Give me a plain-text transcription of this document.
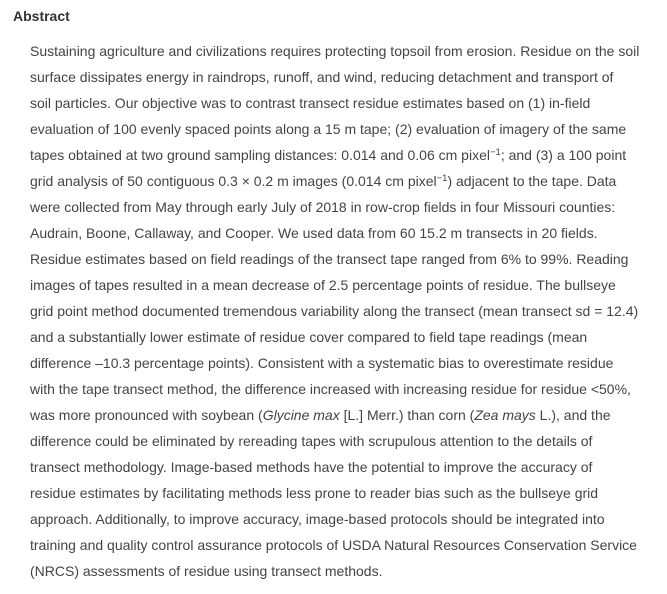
Abstract
Sustaining agriculture and civilizations requires protecting topsoil from erosion. Residue on the soil
surface dissipates energy in raindrops, runoff, and wind, reducing detachment and transport of
soil particles. Our objective was to contrast transect residue estimates based on (1) in-field
evaluation of 100 evenly spaced points along a 15 m tape; (2) evaluation of imagery of the same
tapes obtained at two ground sampling distances: 0.014 and 0.06 cm pixel$^{-1}$; and (3) a 100 point
grid analysis of 50 contiguous 0.3 × 0.2 m images (0.014 cm pixel$^{-1}$) adjacent to the tape. Data
were collected from May through early July of 2018 in row-crop fields in four Missouri counties:
Audrain, Boone, Callaway, and Cooper. We used data from 60 15.2 m transects in 20 fields.
Residue estimates based on field readings of the transect tape ranged from 6% to 99%. Reading
images of tapes resulted in a mean decrease of 2.5 percentage points of residue. The bullseye
grid point method documented tremendous variability along the transect (mean transect sd = 12.4)
and a substantially lower estimate of residue cover compared to field tape readings (mean
difference –10.3 percentage points). Consistent with a systematic bias to overestimate residue
with the tape transect method, the difference increased with increasing residue for residue <50%,
was more pronounced with soybean (Glycine max [L.] Merr.) than corn (Zea mays L.), and the
difference could be eliminated by rereading tapes with scrupulous attention to the details of
transect methodology. Image-based methods have the potential to improve the accuracy of
residue estimates by facilitating methods less prone to reader bias such as the bullseye grid
approach. Additionally, to improve accuracy, image-based protocols should be integrated into
training and quality control assurance protocols of USDA Natural Resources Conservation Service
(NRCS) assessments of residue using transect methods.
